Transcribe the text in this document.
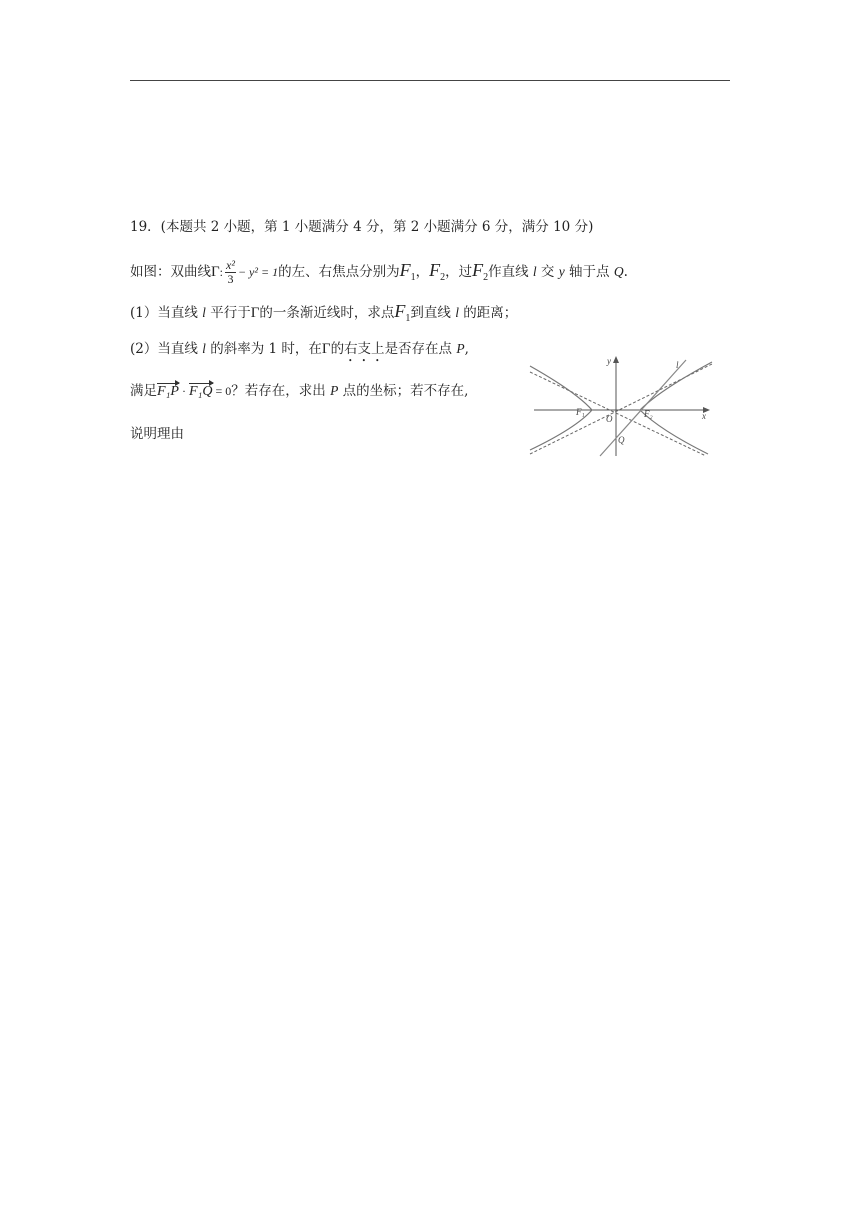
19．(本题共 2 小题，第 1 小题满分 4 分，第 2 小题满分 6 分，满分 10 分)
如图：双曲线Γ: $\frac{\text{x²}}{3} - y^2 = 1$的左、右焦点分别为$F_1$，$F_2$，过$F_2$作直线 l 交 y 轴于点 Q.
(1）当直线 l 平行于Γ的一条渐近线时，求点$F_1$到直线 l 的距离；
(2）当直线 l 的斜率为 1 时，在Γ的右支上是否存在点 P,
满足F₁P · F₁Q = 0？若存在，求出 P 点的坐标；若不存在,
说明理由
y
x
l
O
F₁	F₂
Q
